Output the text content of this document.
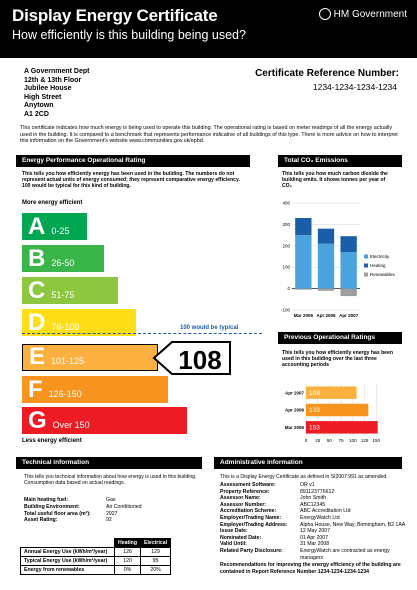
Display Energy Certificate
How efficiently is this building being used?
HM Government
A Government Dept
12th & 13th Floor
Jubilee House
High Street
Anytown
A1 2CD
Certificate Reference Number:
1234-1234-1234-1234
This certificate indicates how much energy is being used to operate this building. The operational rating is based on meter readings of all the energy actually used in the building. It is compared to a benchmark that represents performance indicative of all buildings of this type. There is more advice on how to interpret this information on the Government's website www.communities.gov.uk/epbd.
Energy Performance Operational Rating
This tells you how efficiently energy has been used in the building. The numbers do not represent actual units of energy consumed; they represent comparative energy efficiency. 100 would be typical for this kind of building.
More energy efficient
A 0-25
B 26-50
C 51-75
D 76-100	100 would be typical
E 101-125	108
F 126-150
G Over 150
Less energy efficient
Total CO₂ Emissions
This tells you how much carbon dioxide the building emits. It shows tonnes per year of CO₂
400
300
200
100
0
-100
Mar 2006 Apr 2006 Apr 2007
Electricity
Heating
Renewables
Previous Operational Ratings
This tells you how efficiently energy has been used in this building over the last three accounting periods
0 25 50 75 100 125 150
108
Apr 2007
133
Apr 2006
153
Mar 2006
Technical information
This tells you technical information about how energy is used in this building. Consumption data based on actual readings.
Main heating fuel:	Gas
Building Environment:	Air Conditioned
Total useful floor area (m²):	2927
Asset Rating:	92
	Heating	Electrical
Annual Energy Use (kWh/m²/year)	126	129
Typical Energy Use (kWh/m²/year)	120	95
Energy from renewables	0%	20%
Administrative information
This is a Display Energy Certificate as defined in SI2007:991 as amended.
Assessment Software:	OR v1
Property Reference:	891123776612
Assessor Name:	John Smith
Assessor Number:	ABC12345
Accreditation Scheme:	ABC Accreditation Ltd
Employer/Trading Name:	EnergyWatch Ltd
Employer/Trading Address:	Alpha House, New Way, Birmingham, B2 1AA
Issue Date:	12 May 2007
Nominated Date:	01 Apr 2007
Valid Until:	31 Mar 2008
Related Party Disclosure:	EnergyWatch are contracted as energy managers
Recommendations for improving the energy efficiency of the building are contained in Report Reference Number 1234-1234-1234-1234
